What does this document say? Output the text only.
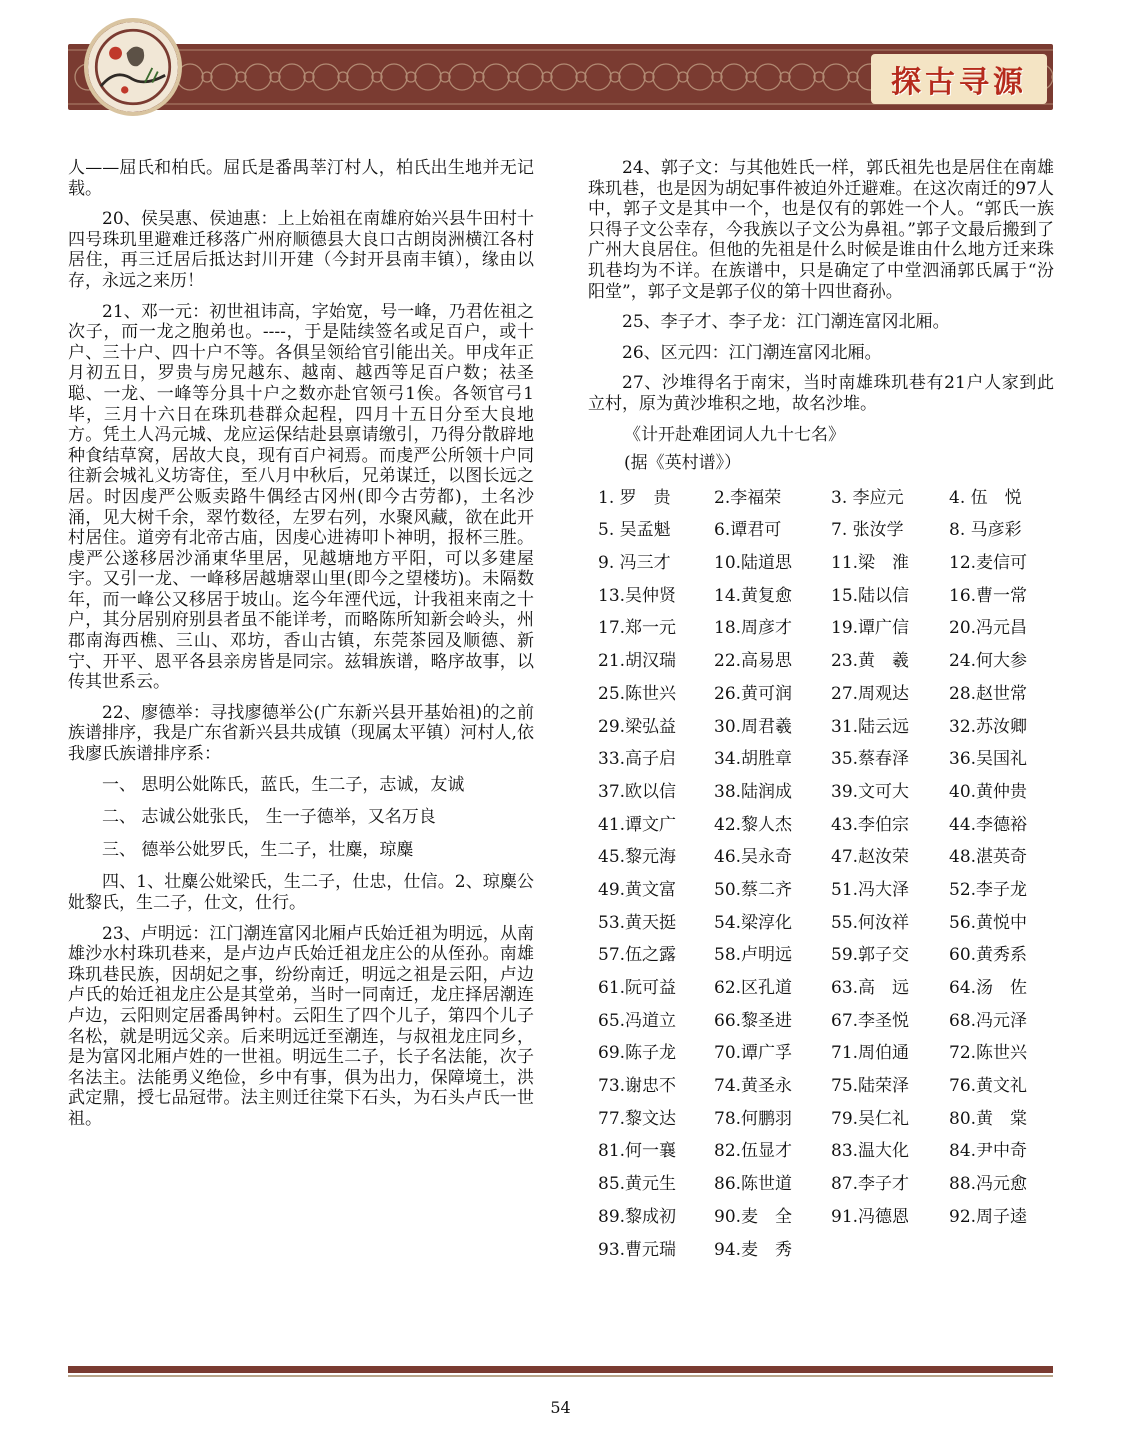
探古寻源

人——屈氏和柏氏。屈氏是番禺莘汀村人，柏氏出生地并无记载。

20、侯吴惠、侯迪惠：上上始祖在南雄府始兴县牛田村十四号珠玑里避难迁移落广州府顺德县大良口古朗岗洲横江各村居住，再三迁居后抵达封川开建（今封开县南丰镇），缘由以存，永远之来历！

21、邓一元：初世祖讳高，字始宽，号一峰，乃君佐祖之次子，而一龙之胞弟也。----，于是陆续签名或足百户，或十户、三十户、四十户不等。各俱呈领给官引能出关。甲戌年正月初五日，罗贵与房兄越东、越南、越西等足百户数；祛圣聪、一龙、一峰等分具十户之数亦赴官领弓1俟。各领官弓1毕，三月十六日在珠玑巷群众起程，四月十五日分至大良地方。凭土人冯元城、龙应运保结赴县禀请缴引，乃得分散辟地种食结草窝，居故大良，现有百户祠焉。而虔严公所领十户同往新会城礼义坊寄住，至八月中秋后，兄弟谋迁，以图长远之居。时因虔严公贩卖路牛偶经古冈州(即今古劳都)，土名沙涌，见大树千余，翠竹数径，左罗右列，水聚风藏，欲在此开村居住。道旁有北帝古庙，因虔心进祷叩卜神明，报杯三胜。虔严公遂移居沙涌東华里居，见越塘地方平阳，可以多建屋宇。又引一龙、一峰移居越塘翠山里(即今之望楼坊)。未隔数年，而一峰公又移居于坡山。迄今年湮代远，计我祖来南之十户，其分居别府别县者虽不能详考，而略陈所知新会岭头，州郡南海西樵、三山、邓坊，香山古镇，东莞茶园及顺德、新宁、开平、恩平各县亲房皆是同宗。兹辑族谱，略序故事，以传其世系云。

22、廖德举：寻找廖德举公(广东新兴县开基始祖)的之前族谱排序，我是广东省新兴县共成镇（现属太平镇）河村人,依我廖氏族谱排序系：

一、 思明公妣陈氏，蓝氏，生二子，志诚，友诚

二、 志诚公妣张氏， 生一子德举，又名万良

三、 德举公妣罗氏，生二子，壮麋，琼麋

四、1、壮麋公妣梁氏，生二子，仕忠，仕信。2、琼麋公妣黎氏，生二子，仕文，仕行。

23、卢明远：江门潮连富冈北厢卢氏始迁祖为明远，从南雄沙水村珠玑巷来，是卢边卢氏始迁祖龙庄公的从侄孙。南雄珠玑巷民族，因胡妃之事，纷纷南迁，明远之祖是云阳，卢边卢氏的始迁祖龙庄公是其堂弟，当时一同南迁，龙庄择居潮连卢边，云阳则定居番禺钟村。云阳生了四个儿子，第四个儿子名松，就是明远父亲。后来明远迁至潮连，与叔祖龙庄同乡，是为富冈北厢卢姓的一世祖。明远生二子，长子名法能，次子名法主。法能勇义绝俭，乡中有事，俱为出力，保障境土，洪武定鼎，授七品冠带。法主则迁往棠下石头，为石头卢氏一世祖。

24、郭子文：与其他姓氏一样，郭氏祖先也是居住在南雄珠玑巷，也是因为胡妃事件被迫外迁避难。在这次南迁的97人中，郭子文是其中一个，也是仅有的郭姓一个人。“郭氏一族只得子文公幸存，今我族以子文公为鼻祖。”郭子文最后搬到了广州大良居住。但他的先祖是什么时候是谁由什么地方迁来珠玑巷均为不详。在族谱中，只是确定了中堂泗涌郭氏属于“汾阳堂”，郭子文是郭子仪的第十四世裔孙。

25、李子才、李子龙：江门潮连富冈北厢。

26、区元四：江门潮连富冈北厢。

27、沙堆得名于南宋，当时南雄珠玑巷有21户人家到此立村，原为黄沙堆积之地，故名沙堆。

《计开赴难团词人九十七名》
(据《英村谱》）
1. 罗　贵	2.李福荣	3. 李应元	4. 伍　悦
5. 吴孟魁	6.谭君可	7. 张汝学	8. 马彦彩
9. 冯三才	10.陆道思	11.梁　淮	12.麦信可
13.吴仲贤	14.黄复愈	15.陆以信	16.曹一常
17.郑一元	18.周彦才	19.谭广信	20.冯元昌
21.胡汉瑞	22.高易思	23.黄　羲	24.何大参
25.陈世兴	26.黄可润	27.周观达	28.赵世常
29.梁弘益	30.周君羲	31.陆云远	32.苏汝卿
33.高子启	34.胡胜章	35.蔡春泽	36.吴国礼
37.欧以信	38.陆润成	39.文可大	40.黄仲贵
41.谭文广	42.黎人杰	43.李伯宗	44.李德裕
45.黎元海	46.吴永奇	47.赵汝荣	48.湛英奇
49.黄文富	50.蔡二齐	51.冯大泽	52.李子龙
53.黄天挺	54.梁淳化	55.何汝祥	56.黄悦中
57.伍之露	58.卢明远	59.郭子交	60.黄秀系
61.阮可益	62.区孔道	63.高　远	64.汤　佐
65.冯道立	66.黎圣进	67.李圣悦	68.冯元泽
69.陈子龙	70.谭广孚	71.周伯通	72.陈世兴
73.谢忠不	74.黄圣永	75.陆荣泽	76.黄文礼
77.黎文达	78.何鹏羽	79.吴仁礼	80.黄　棠
81.何一襄	82.伍显才	83.温大化	84.尹中奇
85.黄元生	86.陈世道	87.李子才	88.冯元愈
89.黎成初	90.麦　全	91.冯德恩	92.周子逵
93.曹元瑞	94.麦　秀
54
